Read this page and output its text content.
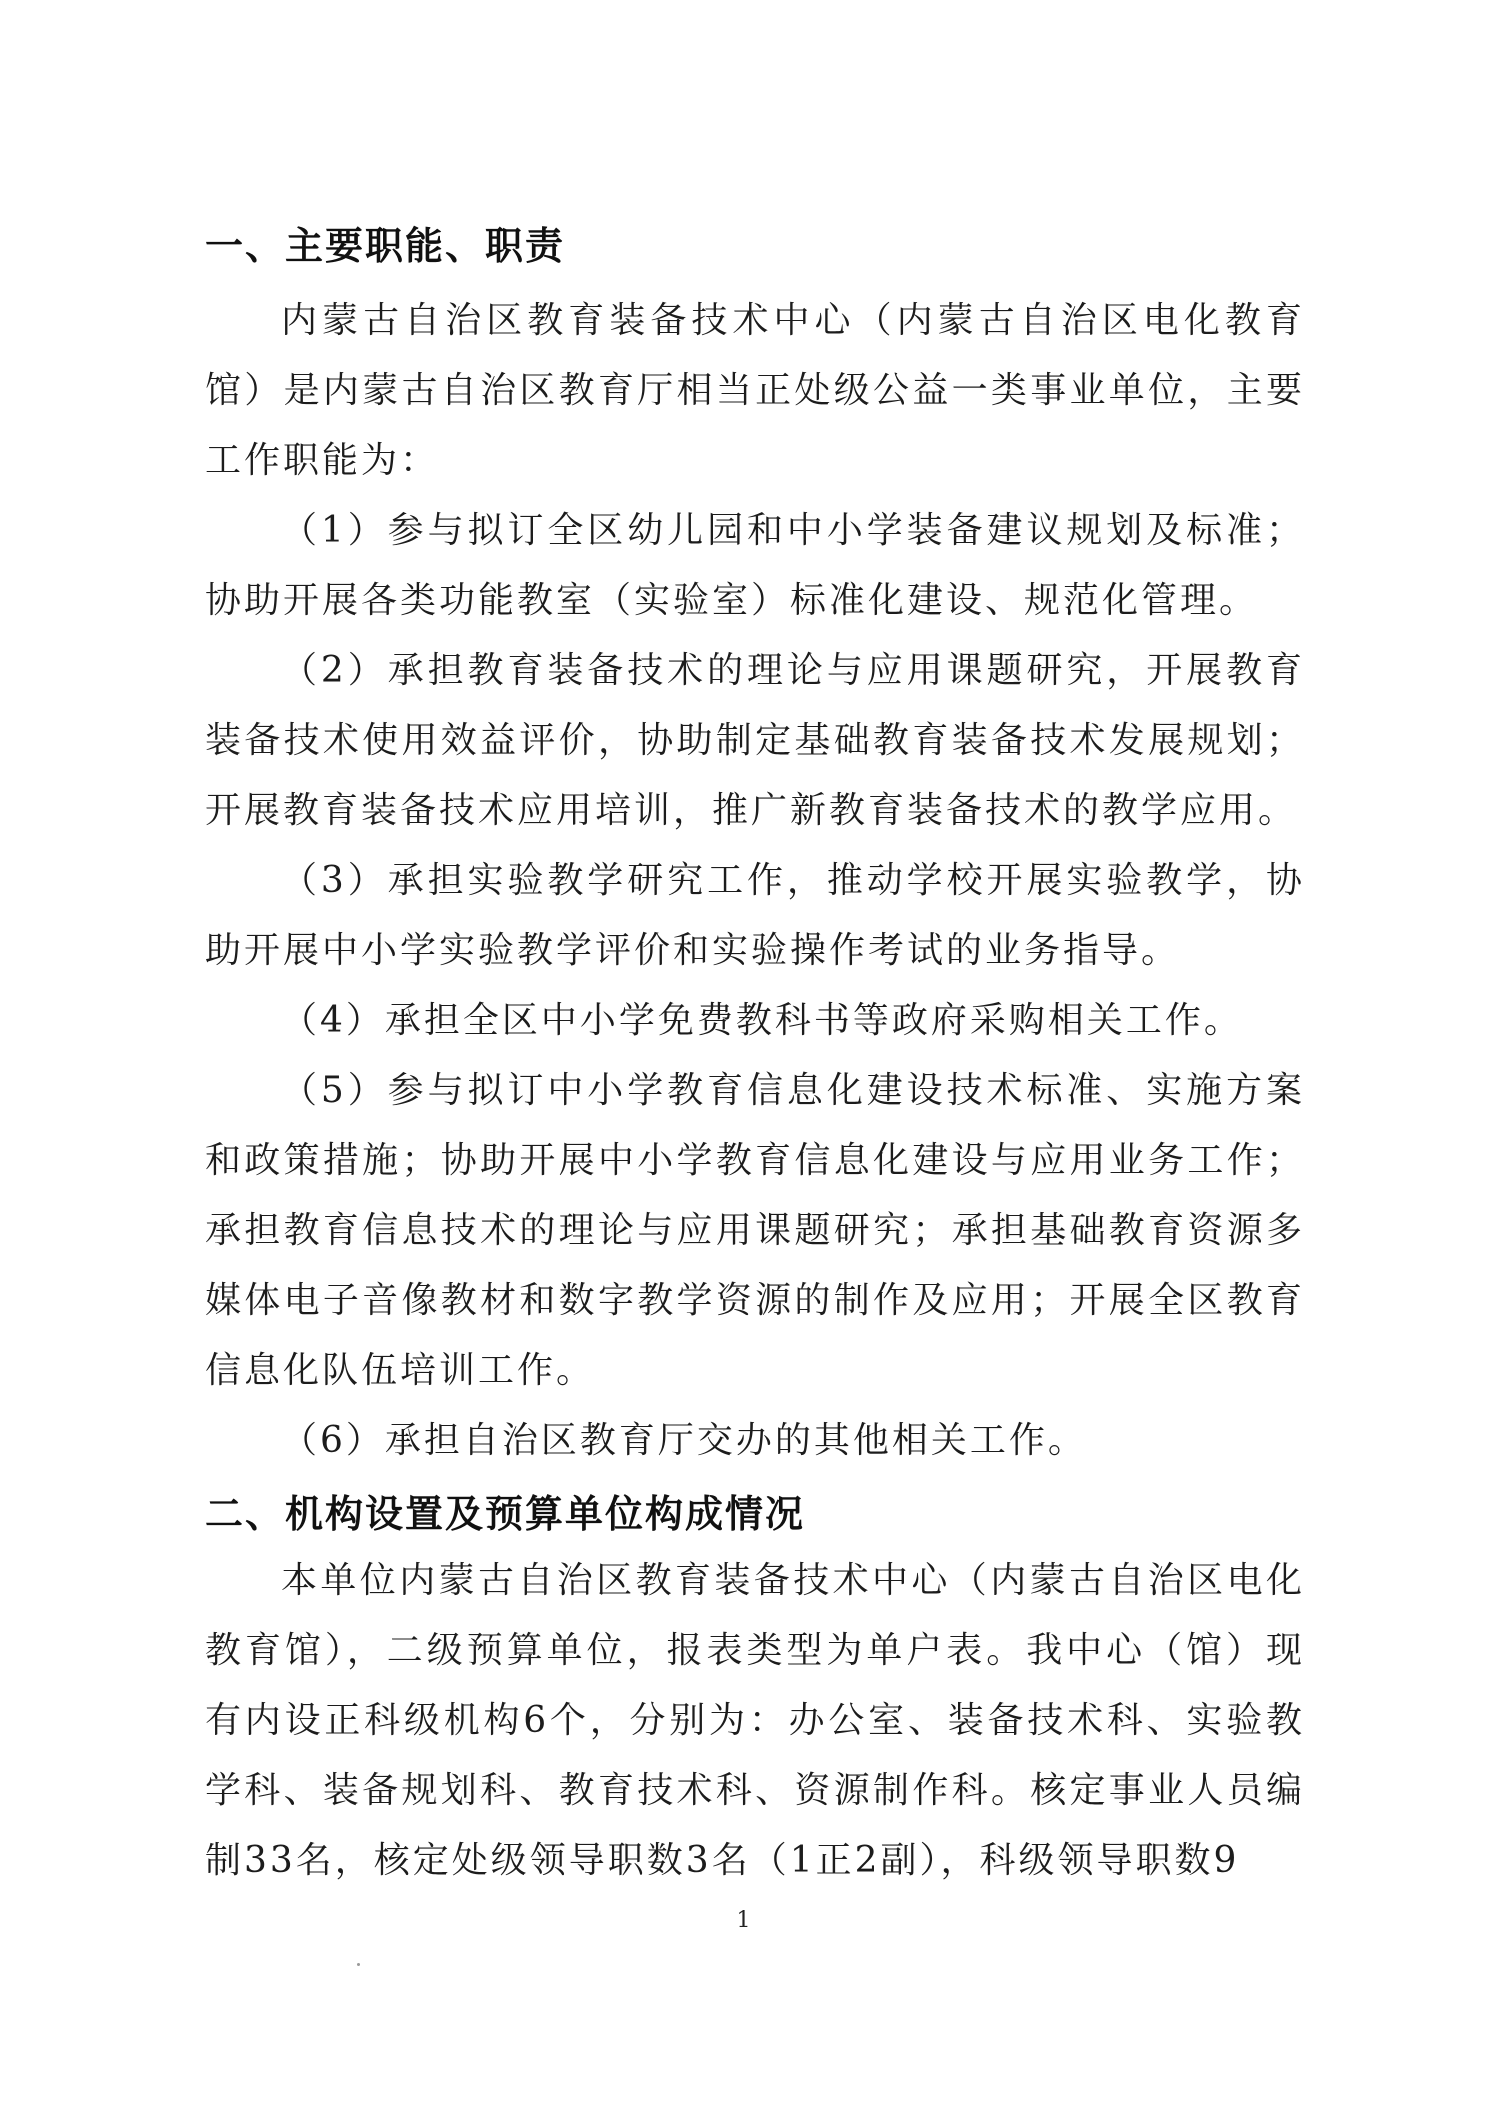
一、主要职能、职责

内蒙古自治区教育装备技术中心（内蒙古自治区电化教育馆）是内蒙古自治区教育厅相当正处级公益一类事业单位，主要工作职能为：

（1）参与拟订全区幼儿园和中小学装备建议规划及标准；协助开展各类功能教室（实验室）标准化建设、规范化管理。

（2）承担教育装备技术的理论与应用课题研究，开展教育装备技术使用效益评价，协助制定基础教育装备技术发展规划；开展教育装备技术应用培训，推广新教育装备技术的教学应用。

（3）承担实验教学研究工作，推动学校开展实验教学，协助开展中小学实验教学评价和实验操作考试的业务指导。

（4）承担全区中小学免费教科书等政府采购相关工作。

（5）参与拟订中小学教育信息化建设技术标准、实施方案和政策措施；协助开展中小学教育信息化建设与应用业务工作；承担教育信息技术的理论与应用课题研究；承担基础教育资源多媒体电子音像教材和数字教学资源的制作及应用；开展全区教育信息化队伍培训工作。

（6）承担自治区教育厅交办的其他相关工作。

二、机构设置及预算单位构成情况

本单位内蒙古自治区教育装备技术中心（内蒙古自治区电化教育馆），二级预算单位，报表类型为单户表。我中心（馆）现有内设正科级机构6个，分别为：办公室、装备技术科、实验教学科、装备规划科、教育技术科、资源制作科。核定事业人员编制33名，核定处级领导职数3名（1正2副），科级领导职数9

1
